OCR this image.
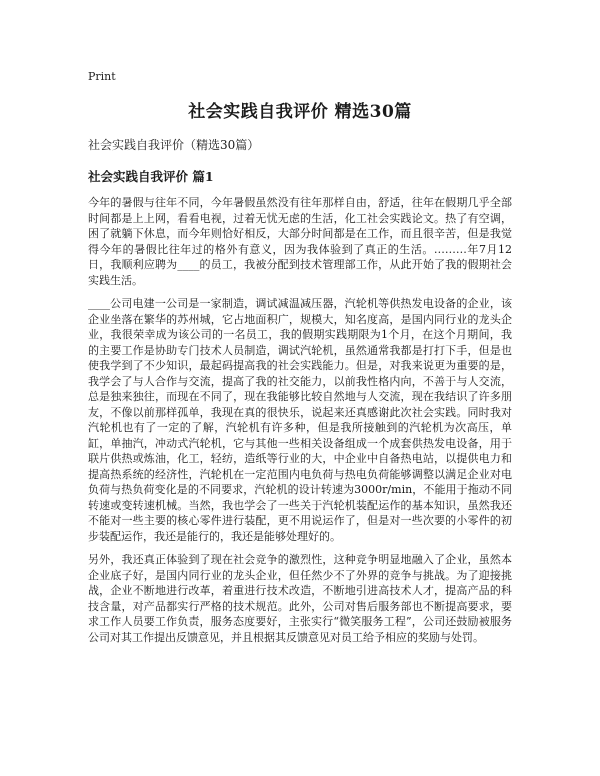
Print
社会实践自我评价 精选30篇
社会实践自我评价（精选30篇）
社会实践自我评价 篇1

今年的暑假与往年不同，今年暑假虽然没有往年那样自由，舒适，往年在假期几乎全部时间都是上上网，看看电视，过着无忧无虑的生活，化工社会实践论文。热了有空调，困了就躺下休息，而今年则恰好相反，大部分时间都是在工作，而且很辛苦，但是我觉得今年的暑假比往年过的格外有意义，因为我体验到了真正的生活。………年7月12日，我顺利应聘为____的员工，我被分配到技术管理部工作，从此开始了我的假期社会实践生活。

____公司电建一公司是一家制造，调试减温减压器，汽轮机等供热发电设备的企业，该企业坐落在繁华的苏州城，它占地面积广，规模大，知名度高，是国内同行业的龙头企业，我很荣幸成为该公司的一名员工，我的假期实践期限为1个月，在这个月期间，我的主要工作是协助专门技术人员制造，调试汽轮机，虽然通常我都是打打下手，但是也使我学到了不少知识，最起码提高我的社会实践能力。但是，对我来说更为重要的是，我学会了与人合作与交流，提高了我的社交能力，以前我性格内向，不善于与人交流，总是独来独往，而现在不同了，现在我能够比较自然地与人交流，现在我结识了许多朋友，不像以前那样孤单，我现在真的很快乐，说起来还真感谢此次社会实践。同时我对汽轮机也有了一定的了解，汽轮机有许多种，但是我所接触到的汽轮机为次高压，单缸，单抽汽，冲动式汽轮机，它与其他一些相关设备组成一个成套供热发电设备，用于联片供热或炼油，化工，轻纺，造纸等行业的大，中企业中自备热电站，以提供电力和提高热系统的经济性，汽轮机在一定范围内电负荷与热电负荷能够调整以满足企业对电负荷与热负荷变化是的不同要求，汽轮机的设计转速为3000r/min，不能用于拖动不同转速或变转速机械。当然，我也学会了一些关于汽轮机装配运作的基本知识，虽然我还不能对一些主要的核心零件进行装配，更不用说运作了，但是对一些次要的小零件的初步装配运作，我还是能行的，我还是能够处理好的。

另外，我还真正体验到了现在社会竞争的激烈性，这种竞争明显地融入了企业，虽然本企业底子好，是国内同行业的龙头企业，但任然少不了外界的竞争与挑战。为了迎接挑战，企业不断地进行改革，着重进行技术改造，不断地引进高技术人才，提高产品的科技含量，对产品都实行严格的技术规范。此外，公司对售后服务部也不断提高要求，要求工作人员要工作负责，服务态度要好，主张实行“微笑服务工程”，公司还鼓励被服务公司对其工作提出反馈意见，并且根据其反馈意见对员工给予相应的奖励与处罚。
